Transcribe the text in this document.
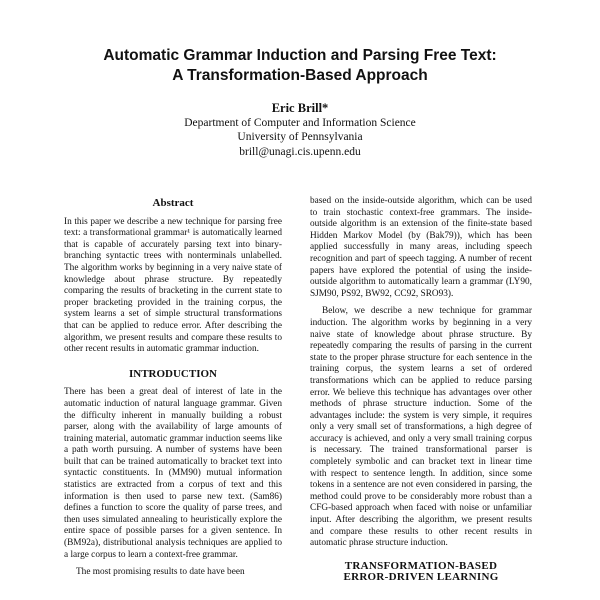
Automatic Grammar Induction and Parsing Free Text:
A Transformation-Based Approach
Eric Brill*
Department of Computer and Information Science
University of Pennsylvania
brill@unagi.cis.upenn.edu
Abstract

In this paper we describe a new technique for parsing free text: a transformational grammar¹ is automatically learned that is capable of accurately parsing text into binary-branching syntactic trees with nonterminals unlabelled. The algorithm works by beginning in a very naive state of knowledge about phrase structure. By repeatedly comparing the results of bracketing in the current state to proper bracketing provided in the training corpus, the system learns a set of simple structural transformations that can be applied to reduce error. After describing the algorithm, we present results and compare these results to other recent results in automatic grammar induction.

INTRODUCTION

There has been a great deal of interest of late in the automatic induction of natural language grammar. Given the difficulty inherent in manually building a robust parser, along with the availability of large amounts of training material, automatic grammar induction seems like a path worth pursuing. A number of systems have been built that can be trained automatically to bracket text into syntactic constituents. In (MM90) mutual information statistics are extracted from a corpus of text and this information is then used to parse new text. (Sam86) defines a function to score the quality of parse trees, and then uses simulated annealing to heuristically explore the entire space of possible parses for a given sentence. In (BM92a), distributional analysis techniques are applied to a large corpus to learn a context-free grammar.

The most promising results to date have been

based on the inside-outside algorithm, which can be used to train stochastic context-free grammars. The inside-outside algorithm is an extension of the finite-state based Hidden Markov Model (by (Bak79)), which has been applied successfully in many areas, including speech recognition and part of speech tagging. A number of recent papers have explored the potential of using the inside-outside algorithm to automatically learn a grammar (LY90, SJM90, PS92, BW92, CC92, SRO93).

Below, we describe a new technique for grammar induction. The algorithm works by beginning in a very naive state of knowledge about phrase structure. By repeatedly comparing the results of parsing in the current state to the proper phrase structure for each sentence in the training corpus, the system learns a set of ordered transformations which can be applied to reduce parsing error. We believe this technique has advantages over other methods of phrase structure induction. Some of the advantages include: the system is very simple, it requires only a very small set of transformations, a high degree of accuracy is achieved, and only a very small training corpus is necessary. The trained transformational parser is completely symbolic and can bracket text in linear time with respect to sentence length. In addition, since some tokens in a sentence are not even considered in parsing, the method could prove to be considerably more robust than a CFG-based approach when faced with noise or unfamiliar input. After describing the algorithm, we present results and compare these results to other recent results in automatic phrase structure induction.

TRANSFORMATION-BASED
ERROR-DRIVEN LEARNING
